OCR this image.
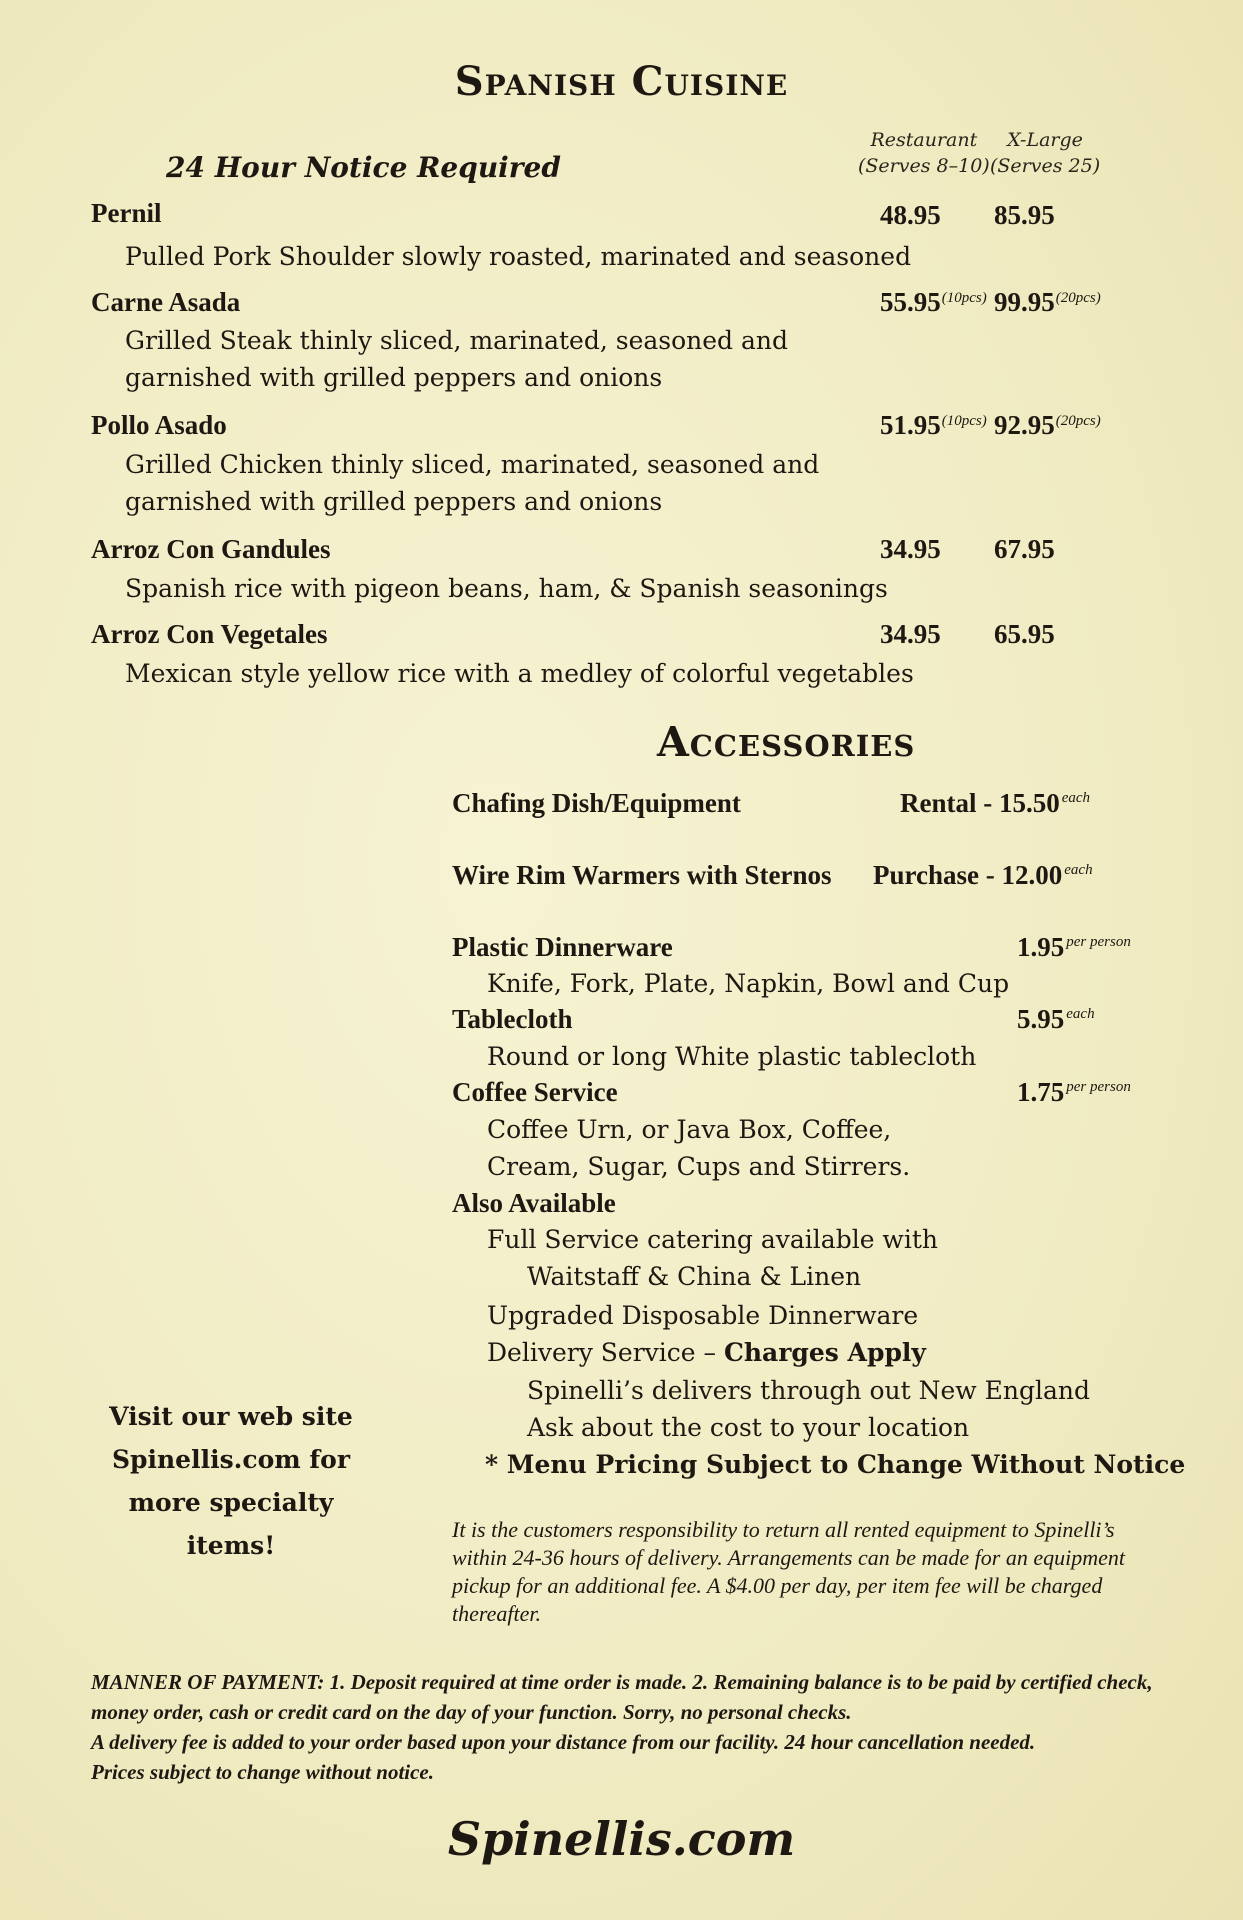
Spanish Cuisine
24 Hour Notice Required
Restaurant
(Serves 8–10)
X-Large
(Serves 25)
Pernil
Pulled Pork Shoulder slowly roasted, marinated and seasoned
48.95 85.95
Carne Asada
Grilled Steak thinly sliced, marinated, seasoned and
garnished with grilled peppers and onions
$55.95^{(10pcs)}$ $99.95^{(20pcs)}$
Pollo Asado
Grilled Chicken thinly sliced, marinated, seasoned and
garnished with grilled peppers and onions
$51.95^{(10pcs)}$ $92.95^{(20pcs)}$
Arroz Con Gandules
Spanish rice with pigeon beans, ham, & Spanish seasonings
34.95 67.95
Arroz Con Vegetales
Mexican style yellow rice with a medley of colorful vegetables
34.95 65.95
Accessories
Chafing Dish/Equipment	Rental - 15.50 $^{each}$
Wire Rim Warmers with Sternos Purchase - 12.00 $^{each}$
Plastic Dinnerware
Knife, Fork, Plate, Napkin, Bowl and Cup
1.95 $^{per person}$
Tablecloth
Round or long White plastic tablecloth
5.95 $^{each}$
Coffee Service
Coffee Urn, or Java Box, Coffee,
Cream, Sugar, Cups and Stirrers.
1.75 $^{per person}$
Also Available
Full Service catering available with
Waitstaff & China & Linen
Upgraded Disposable Dinnerware
Delivery Service – Charges Apply
Spinelli’s delivers through out New England
Ask about the cost to your location
* Menu Pricing Subject to Change Without Notice
Visit our web site Spinellis.com for more specialty items!
It is the customers responsibility to return all rented equipment to Spinelli’s within 24-36 hours of delivery. Arrangements can be made for an equipment pickup for an additional fee. A $4.00 per day, per item fee will be charged thereafter.
MANNER OF PAYMENT: 1. Deposit required at time order is made. 2. Remaining balance is to be paid by certified check, money order, cash or credit card on the day of your function. Sorry, no personal checks.
A delivery fee is added to your order based upon your distance from our facility. 24 hour cancellation needed.
Prices subject to change without notice.
Spinellis.com
